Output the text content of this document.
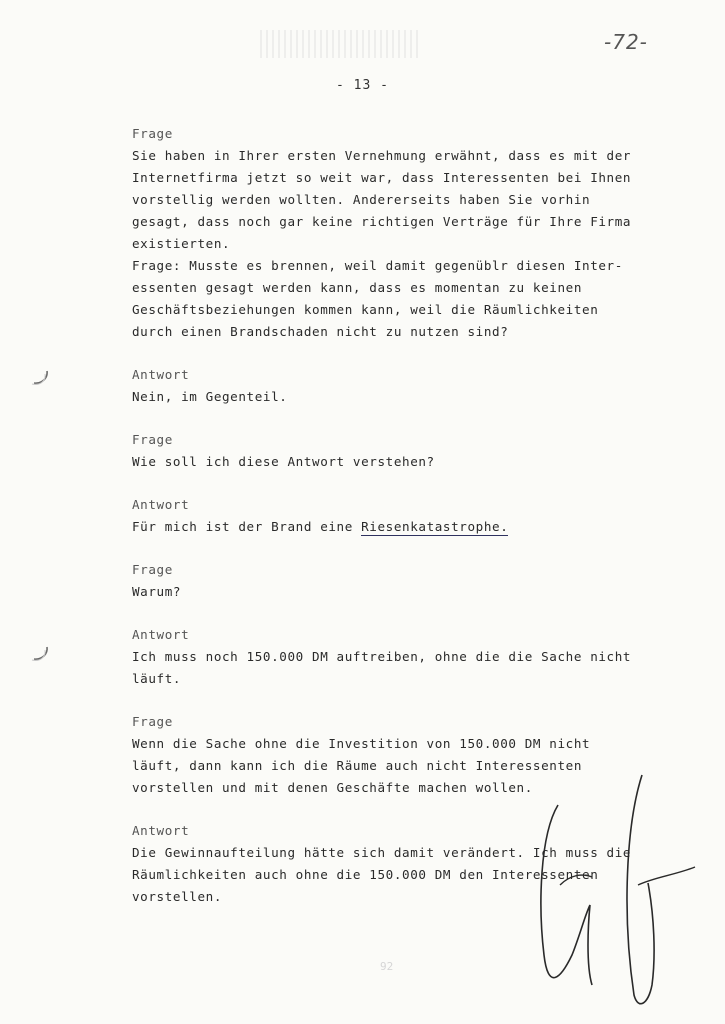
-72-
- 13 -
Frage
Sie haben in Ihrer ersten Vernehmung erwähnt, dass es mit der
Internetfirma jetzt so weit war, dass Interessenten bei Ihnen
vorstellig werden wollten. Andererseits haben Sie vorhin
gesagt, dass noch gar keine richtigen Verträge für Ihre Firma
existierten.
Frage: Musste es brennen, weil damit gegenüblr diesen Inter-
essenten gesagt werden kann, dass es momentan zu keinen
Geschäftsbeziehungen kommen kann, weil die Räumlichkeiten
durch einen Brandschaden nicht zu nutzen sind?
Antwort
Nein, im Gegenteil.
Frage
Wie soll ich diese Antwort verstehen?
Antwort
Für mich ist der Brand eine Riesenkatastrophe.
Frage
Warum?
Antwort
Ich muss noch 150.000 DM auftreiben, ohne die die Sache nicht
läuft.
Frage
Wenn die Sache ohne die Investition von 150.000 DM nicht
läuft, dann kann ich die Räume auch nicht Interessenten
vorstellen und mit denen Geschäfte machen wollen.
Antwort
Die Gewinnaufteilung hätte sich damit verändert. Ich muss die
Räumlichkeiten auch ohne die 150.000 DM den Interessenten
vorstellen.
92
